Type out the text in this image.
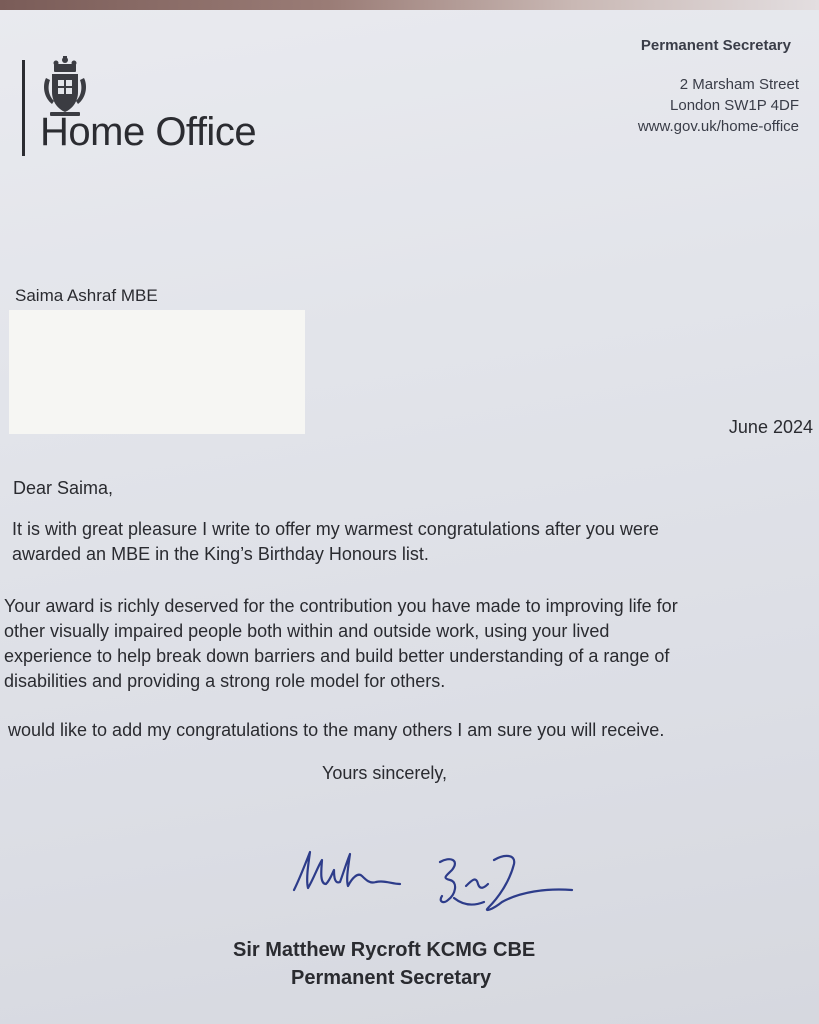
Home Office
Permanent Secretary
2 Marsham Street
London SW1P 4DF
www.gov.uk/home-office
Saima Ashraf MBE
June 2024
Dear Saima,
It is with great pleasure I write to offer my warmest congratulations after you were
awarded an MBE in the King’s Birthday Honours list.
Your award is richly deserved for the contribution you have made to improving life for
other visually impaired people both within and outside work, using your lived
experience to help break down barriers and build better understanding of a range of
disabilities and providing a strong role model for others.
would like to add my congratulations to the many others I am sure you will receive.
Yours sincerely,
Sir Matthew Rycroft KCMG CBE
Permanent Secretary
